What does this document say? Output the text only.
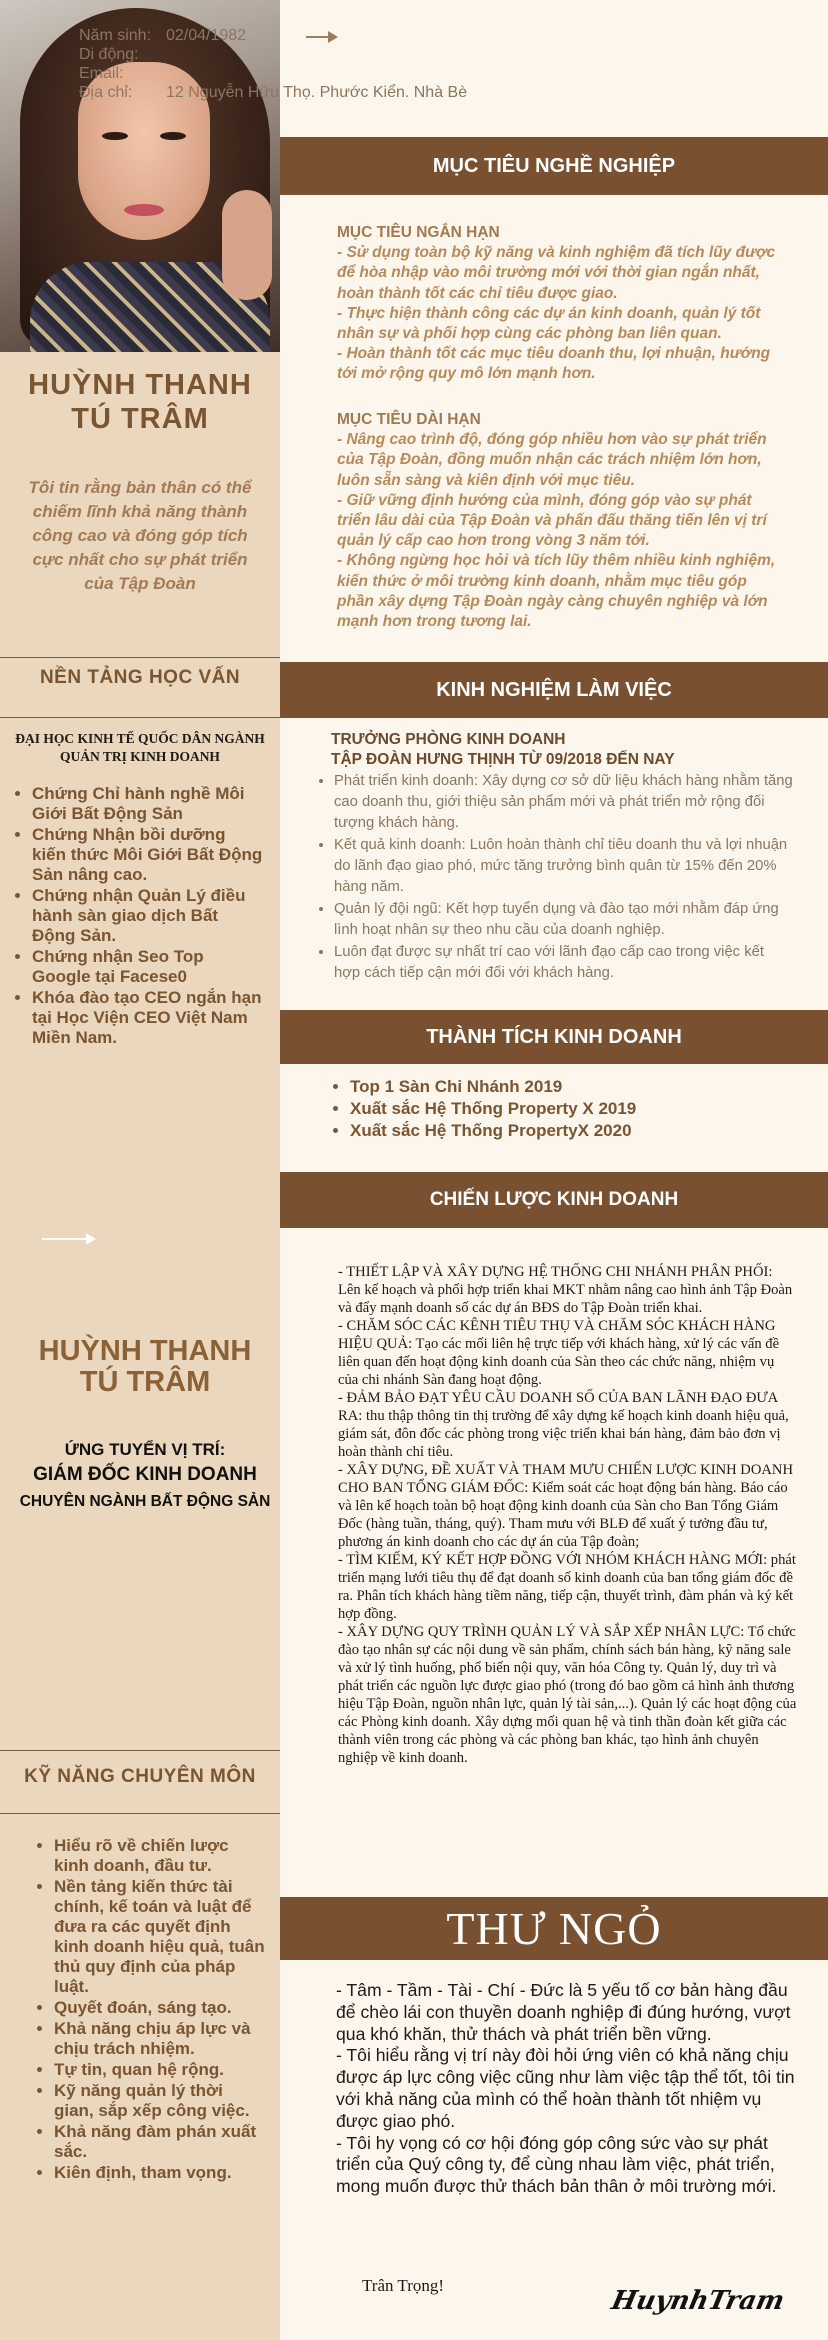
HUỲNH THANH
TÚ TRÂM
Tôi tin rằng bản thân có thể chiếm lĩnh khả năng thành công cao và đóng góp tích cực nhất cho sự phát triển của Tập Đoàn
NỀN TẢNG HỌC VẤN
ĐẠI HỌC KINH TẾ QUỐC DÂN NGÀNH QUẢN TRỊ KINH DOANH
• Chứng Chỉ hành nghề Môi Giới Bất Động Sản
• Chứng Nhận bồi dưỡng kiến thức Môi Giới Bất Động Sản nâng cao.
• Chứng nhận Quản Lý điều hành sàn giao dịch Bất Động Sản.
• Chứng nhận Seo Top Google tại Facese0
• Khóa đào tạo CEO ngắn hạn tại Học Viện CEO Việt Nam Miền Nam.
HUỲNH THANH
TÚ TRÂM
ỨNG TUYỂN VỊ TRÍ:
GIÁM ĐỐC KINH DOANH
CHUYÊN NGÀNH BẤT ĐỘNG SẢN
KỸ NĂNG CHUYÊN MÔN
• Hiểu rõ về chiến lược kinh doanh, đầu tư.
• Nền tảng kiến thức tài chính, kế toán và luật để đưa ra các quyết định kinh doanh hiệu quả, tuân thủ quy định của pháp luật.
• Quyết đoán, sáng tạo.
• Khả năng chịu áp lực và chịu trách nhiệm.
• Tự tin, quan hệ rộng.
• Kỹ năng quản lý thời gian, sắp xếp công việc.
• Khả năng đàm phán xuất sắc.
• Kiên định, tham vọng.
Năm sinh: 02/04/1982
Di động:
Email:
Địa chỉ:	12 Nguyễn Hữu Thọ. Phước Kiển. Nhà Bè
MỤC TIÊU NGHỀ NGHIỆP
MỤC TIÊU NGẮN HẠN
- Sử dụng toàn bộ kỹ năng và kinh nghiệm đã tích lũy được để hòa nhập vào môi trường mới với thời gian ngắn nhất, hoàn thành tốt các chỉ tiêu được giao.
- Thực hiện thành công các dự án kinh doanh, quản lý tốt nhân sự và phối hợp cùng các phòng ban liên quan.
- Hoàn thành tốt các mục tiêu doanh thu, lợi nhuận, hướng tới mở rộng quy mô lớn mạnh hơn.
MỤC TIÊU DÀI HẠN
- Nâng cao trình độ, đóng góp nhiều hơn vào sự phát triển của Tập Đoàn, đồng muốn nhận các trách nhiệm lớn hơn, luôn sẵn sàng và kiên định với mục tiêu.
- Giữ vững định hướng của mình, đóng góp vào sự phát triển lâu dài của Tập Đoàn và phấn đấu thăng tiến lên vị trí quản lý cấp cao hơn trong vòng 3 năm tới.
- Không ngừng học hỏi và tích lũy thêm nhiều kinh nghiệm, kiến thức ở môi trường kinh doanh, nhằm mục tiêu góp phần xây dựng Tập Đoàn ngày càng chuyên nghiệp và lớn mạnh hơn trong tương lai.
KINH NGHIỆM LÀM VIỆC
TRƯỞNG PHÒNG KINH DOANH
TẬP ĐOÀN HƯNG THỊNH TỪ 09/2018 ĐẾN NAY
• Phát triển kinh doanh: Xây dựng cơ sở dữ liệu khách hàng nhằm tăng cao doanh thu, giới thiệu sản phẩm mới và phát triển mở rộng đối tượng khách hàng.
• Kết quả kinh doanh: Luôn hoàn thành chỉ tiêu doanh thu và lợi nhuận do lãnh đạo giao phó, mức tăng trưởng bình quân từ 15% đến 20% hàng năm.
• Quản lý đội ngũ: Kết hợp tuyển dụng và đào tạo mới nhằm đáp ứng lình hoạt nhân sự theo nhu cầu của doanh nghiệp.
• Luôn đạt được sự nhất trí cao với lãnh đạo cấp cao trong việc kết hợp cách tiếp cận mới đối với khách hàng.
THÀNH TÍCH KINH DOANH
• Top 1 Sàn Chi Nhánh 2019
• Xuất sắc Hệ Thống Property X 2019
• Xuất sắc Hệ Thống PropertyX 2020
CHIẾN LƯỢC KINH DOANH
- THIẾT LẬP VÀ XÂY DỰNG HỆ THỐNG CHI NHÁNH PHÂN PHỐI: Lên kế hoạch và phối hợp triển khai MKT nhằm nâng cao hình ảnh Tập Đoàn và đẩy mạnh doanh số các dự án BĐS do Tập Đoàn triển khai.
- CHĂM SÓC CÁC KÊNH TIÊU THỤ VÀ CHĂM SÓC KHÁCH HÀNG HIỆU QUẢ: Tạo các mối liên hệ trực tiếp với khách hàng, xử lý các vấn đề liên quan đến hoạt động kinh doanh của Sàn theo các chức năng, nhiệm vụ của chi nhánh Sàn đang hoạt động.
- ĐẢM BẢO ĐẠT YÊU CẦU DOANH SỐ CỦA BAN LÃNH ĐẠO ĐƯA RA: thu thập thông tin thị trường để xây dựng kế hoạch kinh doanh hiệu quả, giám sát, đôn đốc các phòng trong việc triển khai bán hàng, đảm bảo đơn vị hoàn thành chỉ tiêu.
- XÂY DỰNG, ĐỀ XUẤT VÀ THAM MƯU CHIẾN LƯỢC KINH DOANH CHO BAN TỔNG GIÁM ĐỐC: Kiểm soát các hoạt động bán hàng. Báo cáo và lên kế hoạch toàn bộ hoạt động kinh doanh của Sàn cho Ban Tổng Giám Đốc (hàng tuần, tháng, quý). Tham mưu với BLĐ để xuất ý tưởng đầu tư, phương án kinh doanh cho các dự án của Tập đoàn;
- TÌM KIẾM, KÝ KẾT HỢP ĐỒNG VỚI NHÓM KHÁCH HÀNG MỚI: phát triển mạng lưới tiêu thụ để đạt doanh số kinh doanh của ban tổng giám đốc đề ra. Phân tích khách hàng tiềm năng, tiếp cận, thuyết trình, đàm phán và ký kết hợp đồng.
- XÂY DỰNG QUY TRÌNH QUẢN LÝ VÀ SẮP XẾP NHÂN LỰC: Tổ chức đào tạo nhân sự các nội dung về sản phẩm, chính sách bán hàng, kỹ năng sale và xử lý tình huống, phổ biến nội quy, văn hóa Công ty. Quản lý, duy trì và phát triển các nguồn lực được giao phó (trong đó bao gồm cả hình ảnh thương hiệu Tập Đoàn, nguồn nhân lực, quản lý tài sản,...). Quản lý các hoạt động của các Phòng kinh doanh. Xây dựng mối quan hệ và tinh thần đoàn kết giữa các thành viên trong các phòng và các phòng ban khác, tạo hình ảnh chuyên nghiệp về kinh doanh.
THƯ NGỎ

- Tâm - Tầm - Tài - Chí - Đức là 5 yếu tố cơ bản hàng đầu để chèo lái con thuyền doanh nghiệp đi đúng hướng, vượt qua khó khăn, thử thách và phát triển bền vững.

- Tôi hiểu rằng vị trí này đòi hỏi ứng viên có khả năng chịu được áp lực công việc cũng như làm việc tập thể tốt, tôi tin với khả năng của mình có thể hoàn thành tốt nhiệm vụ được giao phó.

- Tôi hy vọng có cơ hội đóng góp công sức vào sự phát triển của Quý công ty, để cùng nhau làm việc, phát triển, mong muốn được thử thách bản thân ở môi trường mới.

Trân Trọng!
HuynhTram
